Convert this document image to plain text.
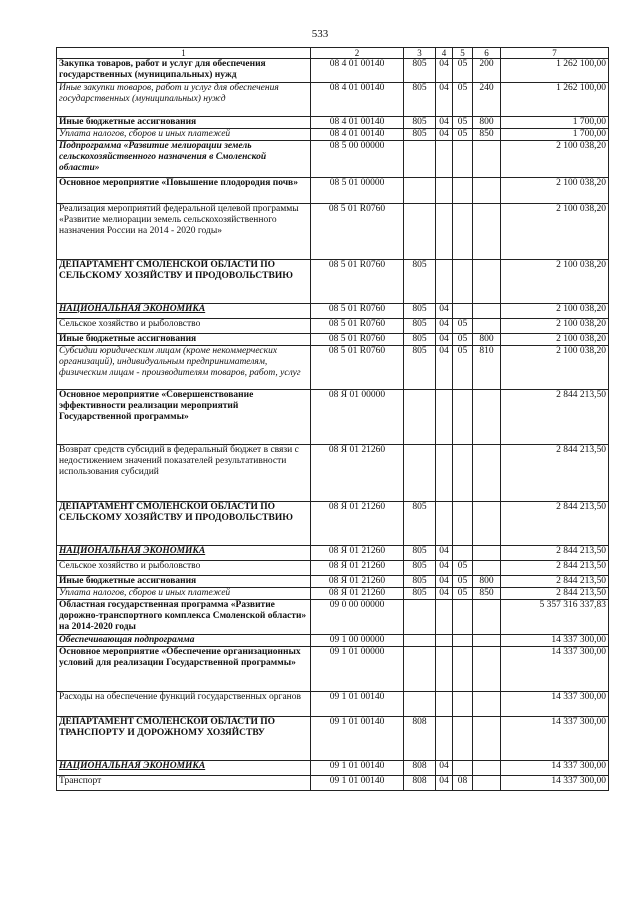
533
1	2	3	4	5	6	7
Закупка товаров, работ и услуг для обеспечения государственных (муниципальных) нужд	08 4 01 00140	805	04	05	200	1 262 100,00
Иные закупки товаров, работ и услуг для обеспечения государственных (муниципальных) нужд	08 4 01 00140	805	04	05	240	1 262 100,00
Иные бюджетные ассигнования	08 4 01 00140	805	04	05	800	1 700,00
Уплата налогов, сборов и иных платежей	08 4 01 00140	805	04	05	850	1 700,00
Подпрограмма «Развитие мелиорации земель сельскохозяйственного назначения в Смоленской области»	08 5 00 00000					2 100 038,20
Основное мероприятие «Повышение плодородия почв»	08 5 01 00000					2 100 038,20
Реализация мероприятий федеральной целевой программы «Развитие мелиорации земель сельскохозяйственного назначения России на 2014 - 2020 годы»	08 5 01 R0760					2 100 038,20
ДЕПАРТАМЕНТ СМОЛЕНСКОЙ ОБЛАСТИ ПО СЕЛЬСКОМУ ХОЗЯЙСТВУ И ПРОДОВОЛЬСТВИЮ	08 5 01 R0760	805				2 100 038,20
НАЦИОНАЛЬНАЯ ЭКОНОМИКА	08 5 01 R0760	805	04			2 100 038,20
Сельское хозяйство и рыболовство	08 5 01 R0760	805	04	05		2 100 038,20
Иные бюджетные ассигнования	08 5 01 R0760	805	04	05	800	2 100 038,20
Субсидии юридическим лицам (кроме некоммерческих организаций), индивидуальным предпринимателям, физическим лицам - производителям товаров, работ, услуг	08 5 01 R0760	805	04	05	810	2 100 038,20
Основное мероприятие «Совершенствование эффективности реализации мероприятий Государственной программы»	08 Я 01 00000					2 844 213,50
Возврат средств субсидий в федеральный бюджет в связи с недостижением значений показателей результативности использования субсидий	08 Я 01 21260					2 844 213,50
ДЕПАРТАМЕНТ СМОЛЕНСКОЙ ОБЛАСТИ ПО СЕЛЬСКОМУ ХОЗЯЙСТВУ И ПРОДОВОЛЬСТВИЮ	08 Я 01 21260	805				2 844 213,50
НАЦИОНАЛЬНАЯ ЭКОНОМИКА	08 Я 01 21260	805	04			2 844 213,50
Сельское хозяйство и рыболовство	08 Я 01 21260	805	04	05		2 844 213,50
Иные бюджетные ассигнования	08 Я 01 21260	805	04	05	800	2 844 213,50
Уплата налогов, сборов и иных платежей	08 Я 01 21260	805	04	05	850	2 844 213,50
Областная государственная программа «Развитие дорожно-транспортного комплекса Смоленской области» на 2014-2020 годы	09 0 00 00000					5 357 316 337,83
Обеспечивающая подпрограмма	09 1 00 00000					14 337 300,00
Основное мероприятие «Обеспечение организационных условий для реализации Государственной программы»	09 1 01 00000					14 337 300,00
Расходы на обеспечение функций государственных органов	09 1 01 00140					14 337 300,00
ДЕПАРТАМЕНТ СМОЛЕНСКОЙ ОБЛАСТИ ПО ТРАНСПОРТУ И ДОРОЖНОМУ ХОЗЯЙСТВУ	09 1 01 00140	808				14 337 300,00
НАЦИОНАЛЬНАЯ ЭКОНОМИКА	09 1 01 00140	808	04			14 337 300,00
Транспорт	09 1 01 00140	808	04	08		14 337 300,00
